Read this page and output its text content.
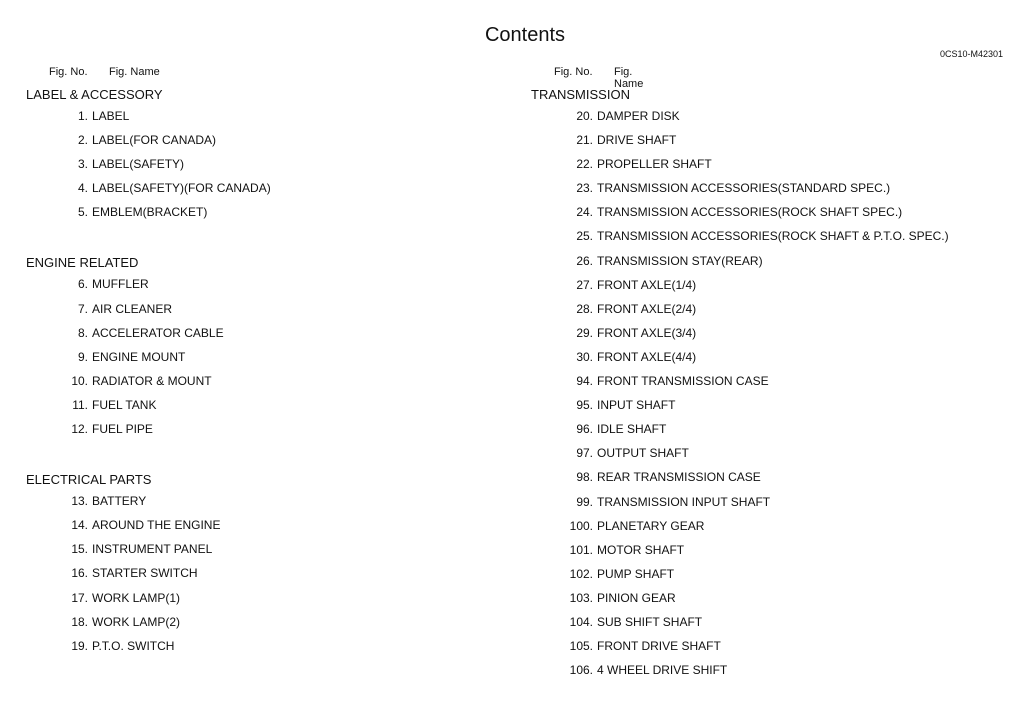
Contents
0CS10-M42301
Fig. No. Fig. Name
LABEL & ACCESSORY
1. LABEL
2. LABEL(FOR CANADA)
3. LABEL(SAFETY)
4. LABEL(SAFETY)(FOR CANADA)
5. EMBLEM(BRACKET)
ENGINE RELATED
6. MUFFLER
7. AIR CLEANER
8. ACCELERATOR CABLE
9. ENGINE MOUNT
10. RADIATOR & MOUNT
11. FUEL TANK
12. FUEL PIPE
ELECTRICAL PARTS
13. BATTERY
14. AROUND THE ENGINE
15. INSTRUMENT PANEL
16. STARTER SWITCH
17. WORK LAMP(1)
18. WORK LAMP(2)
19. P.T.O. SWITCH
Fig. No. Fig. Name
TRANSMISSION
20. DAMPER DISK
21. DRIVE SHAFT
22. PROPELLER SHAFT
23. TRANSMISSION ACCESSORIES(STANDARD SPEC.)
24. TRANSMISSION ACCESSORIES(ROCK SHAFT SPEC.)
25. TRANSMISSION ACCESSORIES(ROCK SHAFT & P.T.O. SPEC.)
26. TRANSMISSION STAY(REAR)
27. FRONT AXLE(1/4)
28. FRONT AXLE(2/4)
29. FRONT AXLE(3/4)
30. FRONT AXLE(4/4)
94. FRONT TRANSMISSION CASE
95. INPUT SHAFT
96. IDLE SHAFT
97. OUTPUT SHAFT
98. REAR TRANSMISSION CASE
99. TRANSMISSION INPUT SHAFT
100. PLANETARY GEAR
101. MOTOR SHAFT
102. PUMP SHAFT
103. PINION GEAR
104. SUB SHIFT SHAFT
105. FRONT DRIVE SHAFT
106. 4 WHEEL DRIVE SHIFT
